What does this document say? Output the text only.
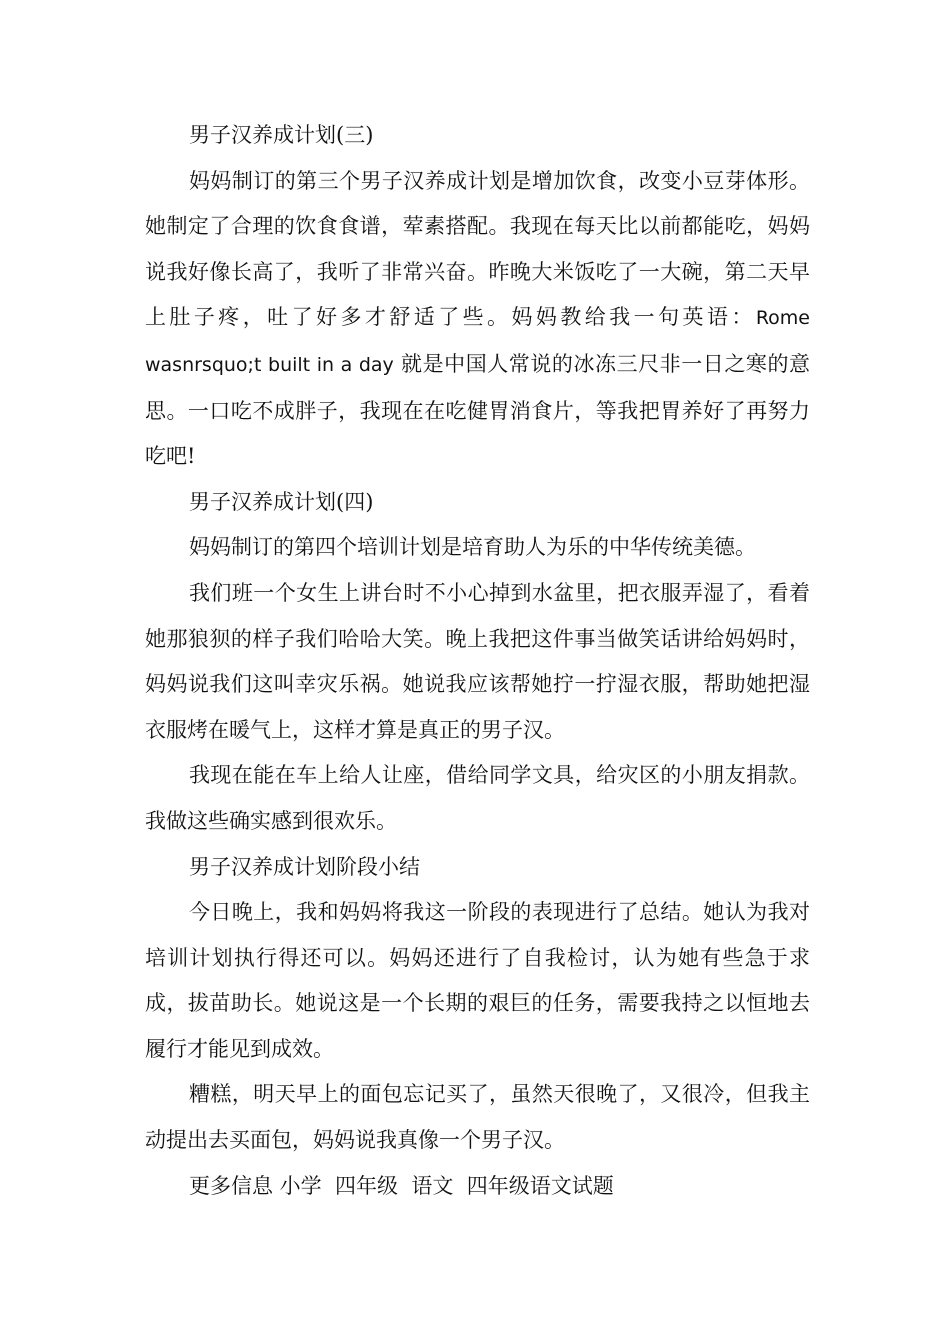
男子汉养成计划(三)

妈妈制订的第三个男子汉养成计划是增加饮食，改变小豆芽体形。她制定了合理的饮食食谱，荤素搭配。我现在每天比以前都能吃，妈妈说我好像长高了，我听了非常兴奋。昨晚大米饭吃了一大碗，第二天早上肚子疼，吐了好多才舒适了些。妈妈教给我一句英语：Rome wasnrsquo;t built in a day 就是中国人常说的冰冻三尺非一日之寒的意思。一口吃不成胖子，我现在在吃健胃消食片，等我把胃养好了再努力吃吧!

男子汉养成计划(四)

妈妈制订的第四个培训计划是培育助人为乐的中华传统美德。

我们班一个女生上讲台时不小心掉到水盆里，把衣服弄湿了，看着她那狼狈的样子我们哈哈大笑。晚上我把这件事当做笑话讲给妈妈时，妈妈说我们这叫幸灾乐祸。她说我应该帮她拧一拧湿衣服，帮助她把湿衣服烤在暖气上，这样才算是真正的男子汉。

我现在能在车上给人让座，借给同学文具，给灾区的小朋友捐款。我做这些确实感到很欢乐。

男子汉养成计划阶段小结

今日晚上，我和妈妈将我这一阶段的表现进行了总结。她认为我对培训计划执行得还可以。妈妈还进行了自我检讨，认为她有些急于求成，拔苗助长。她说这是一个长期的艰巨的任务，需要我持之以恒地去履行才能见到成效。

糟糕，明天早上的面包忘记买了，虽然天很晚了，又很冷，但我主动提出去买面包，妈妈说我真像一个男子汉。

更多信息 小学  四年级  语文  四年级语文试题
